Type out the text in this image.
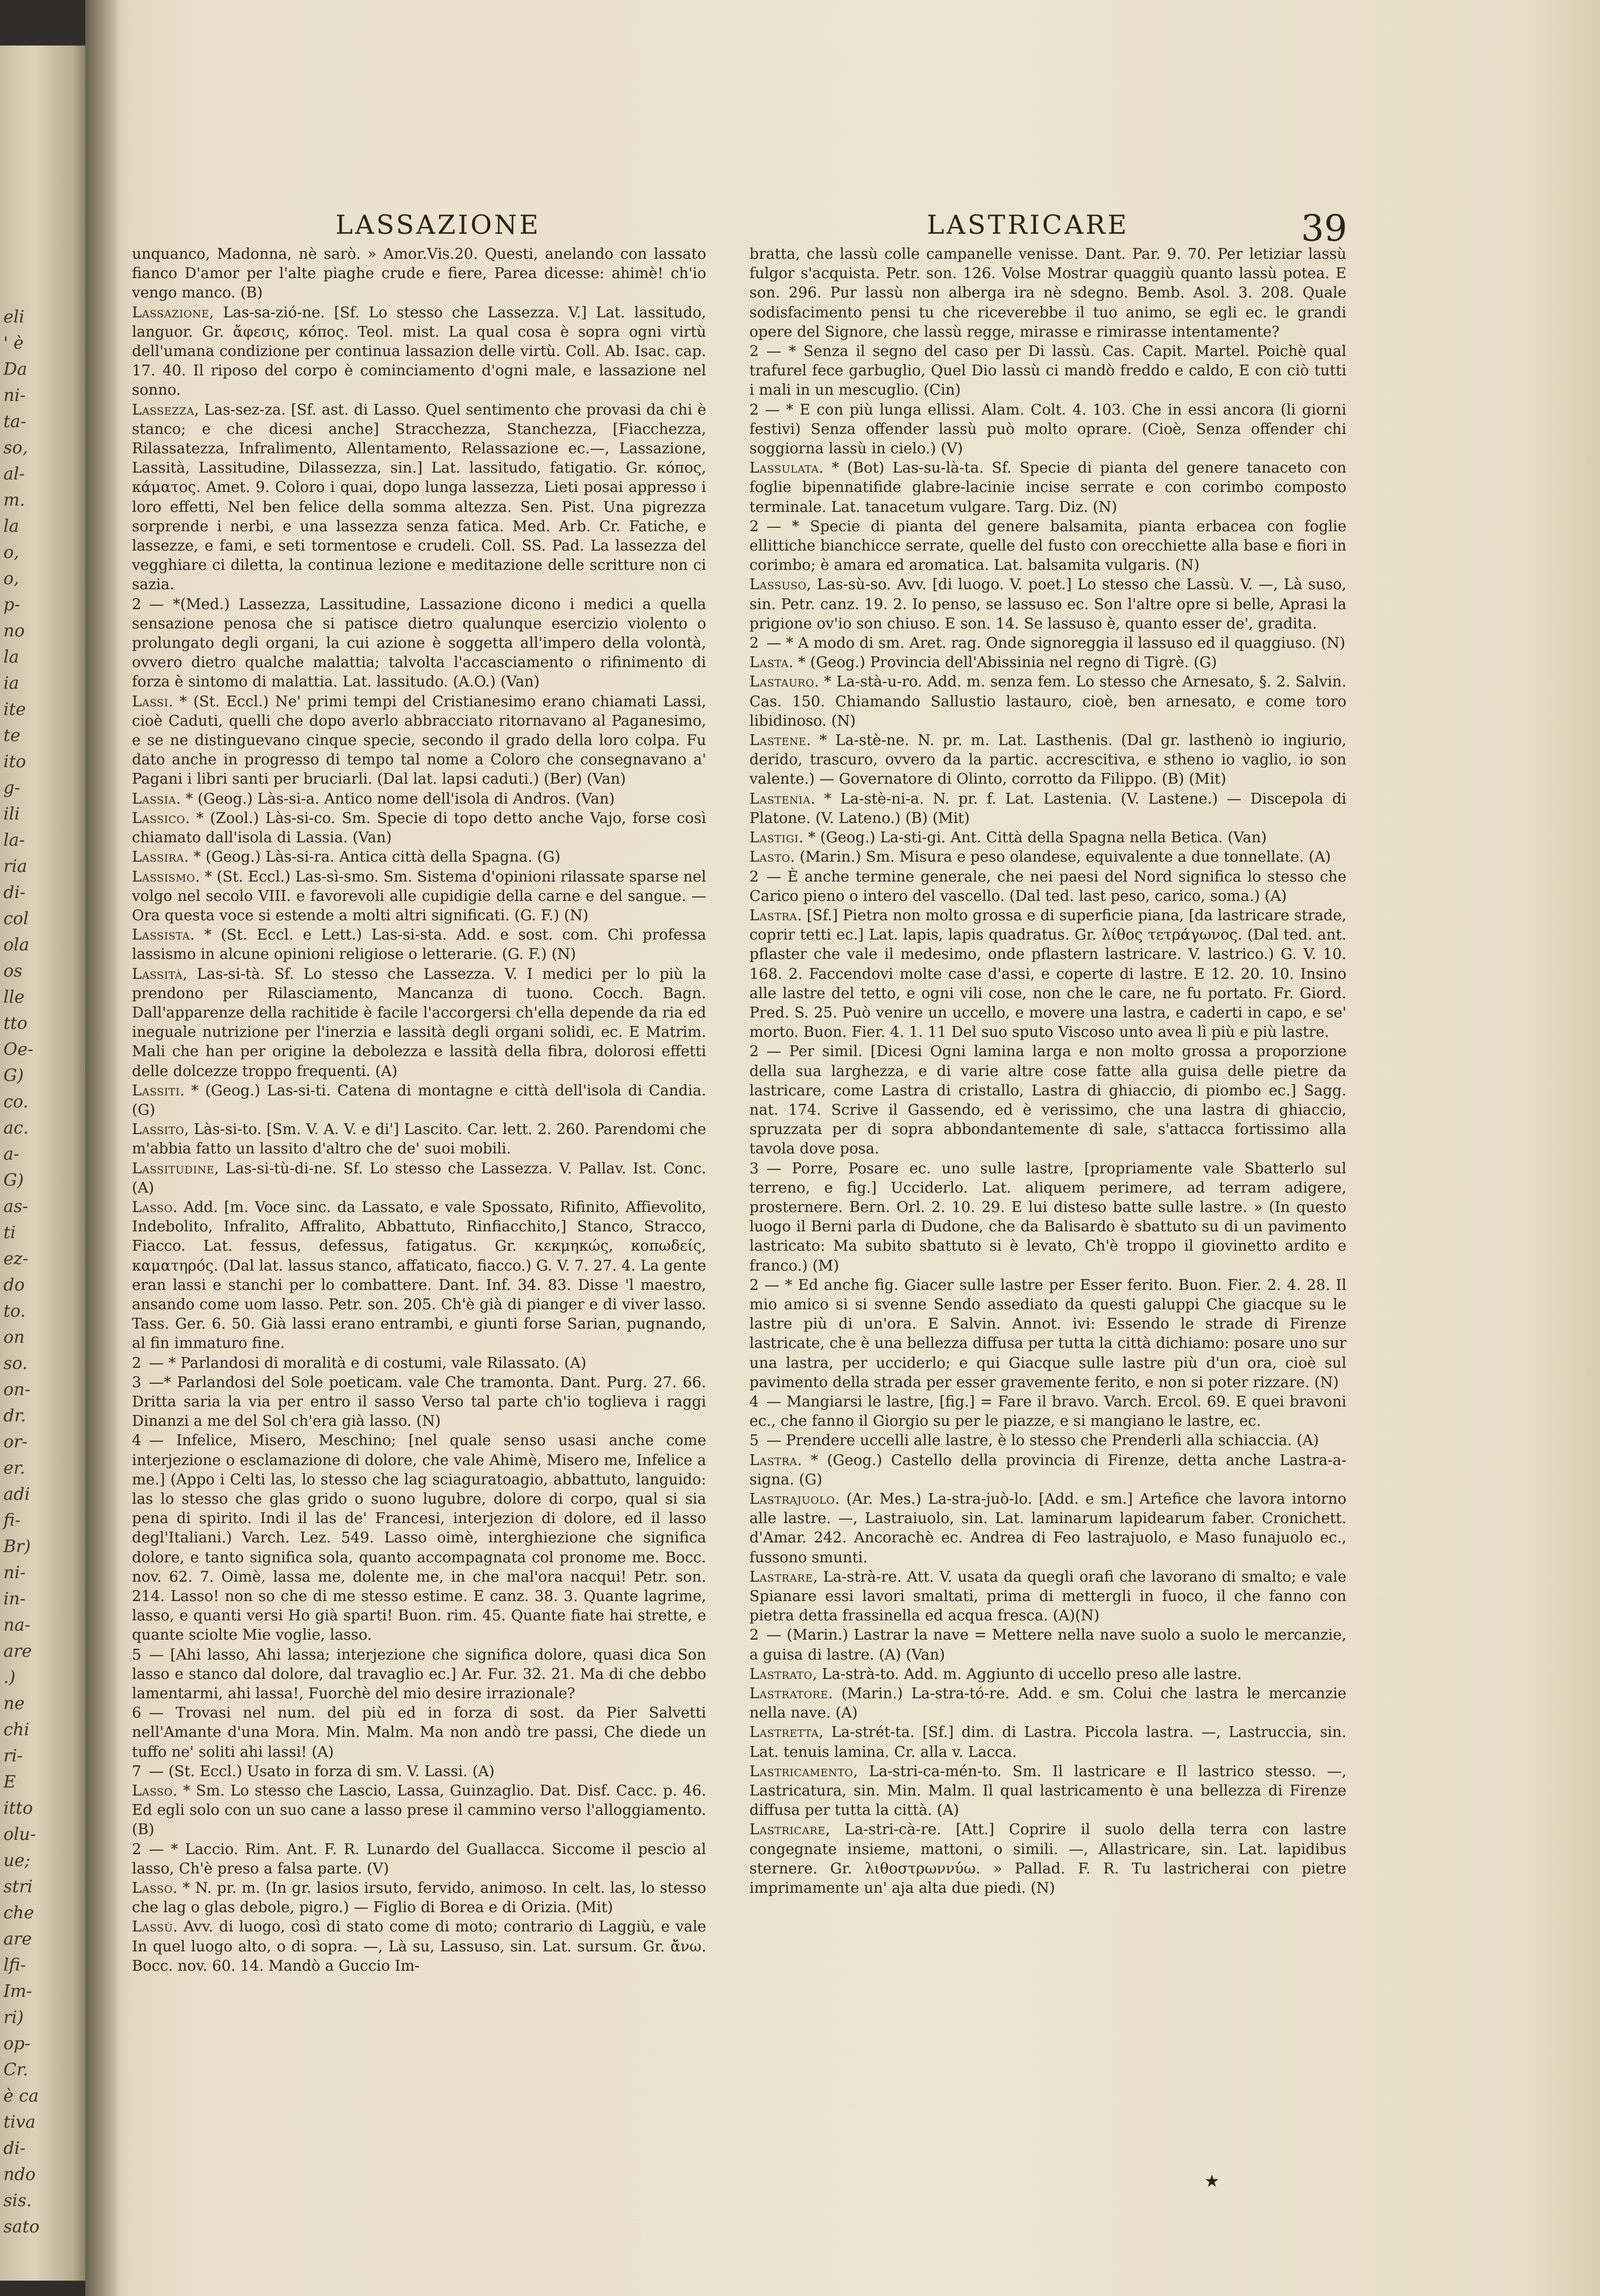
eli
' è
Da
ni-
ta-
so,
al-
m.
la
o,
o,
p-
no
la
ia
ite
te
ito
g-
ili
la-
ria
di-
col
ola
os
lle
tto
Oe-
G)
co.
ac.
a-
G)
as-
ti
ez-
do
to.
on
so.
on-
dr.
or-
er.
adi
fi-
Br)
ni-
in-
na-
are
.)
ne
chi
ri-
E
itto
olu-
ue;
stri
che
are
lfi-
Im-
ri)
op-
Cr.
è ca
tiva
di-
ndo
sis.
sato
LASSAZIONE	LASTRICARE	39

unquanco, Madonna, nè sarò. » Amor.Vis.20. Questi, anelando con lassato fianco D'amor per l'alte piaghe crude e fiere, Parea dicesse: ahimè! ch'io vengo manco. (B)

Lassazione, Las-sa-zió-ne. [Sf. Lo stesso che Lassezza. V.] Lat. lassitudo, languor. Gr. ἄφεσις, κόπος. Teol. mist. La qual cosa è sopra ogni virtù dell'umana condizione per continua lassazion delle virtù. Coll. Ab. Isac. cap. 17. 40. Il riposo del corpo è cominciamento d'ogni male, e lassazione nel sonno.

Lassezza, Las-sez-za. [Sf. ast. di Lasso. Quel sentimento che provasi da chi è stanco; e che dicesi anche] Stracchezza, Stanchezza, [Fiacchezza, Rilassatezza, Infralimento, Allentamento, Relassazione ec.—, Lassazione, Lassità, Lassitudine, Dilassezza, sin.] Lat. lassitudo, fatigatio. Gr. κόπος, κάματος. Amet. 9. Coloro i quai, dopo lunga lassezza, Lieti posai appresso i loro effetti, Nel ben felice della somma altezza. Sen. Pist. Una pigrezza sorprende i nerbi, e una lassezza senza fatica. Med. Arb. Cr. Fatiche, e lassezze, e fami, e seti tormentose e crudeli. Coll. SS. Pad. La lassezza del vegghiare ci diletta, la continua lezione e meditazione delle scritture non ci sazia.

2 — *(Med.) Lassezza, Lassitudine, Lassazione dicono i medici a quella sensazione penosa che si patisce dietro qualunque esercizio violento o prolungato degli organi, la cui azione è soggetta all'impero della volontà, ovvero dietro qualche malattia; talvolta l'accasciamento o rifinimento di forza è sintomo di malattia. Lat. lassitudo. (A.O.) (Van)

Lassi. * (St. Eccl.) Ne' primi tempi del Cristianesimo erano chiamati Lassi, cioè Caduti, quelli che dopo averlo abbracciato ritornavano al Paganesimo, e se ne distinguevano cinque specie, secondo il grado della loro colpa. Fu dato anche in progresso di tempo tal nome a Coloro che consegnavano a' Pagani i libri santi per bruciarli. (Dal lat. lapsi caduti.) (Ber) (Van)

Lassia. * (Geog.) Làs-si-a. Antico nome dell'isola di Andros. (Van)

Lassico. * (Zool.) Làs-si-co. Sm. Specie di topo detto anche Vajo, forse così chiamato dall'isola di Lassia. (Van)

Lassira. * (Geog.) Làs-si-ra. Antica città della Spagna. (G)

Lassismo. * (St. Eccl.) Las-sì-smo. Sm. Sistema d'opinioni rilassate sparse nel volgo nel secolo VIII. e favorevoli alle cupidigie della carne e del sangue. — Ora questa voce si estende a molti altri significati. (G. F.) (N)

Lassista. * (St. Eccl. e Lett.) Las-si-sta. Add. e sost. com. Chi professa lassismo in alcune opinioni religiose o letterarie. (G. F.) (N)

Lassità, Las-si-tà. Sf. Lo stesso che Lassezza. V. I medici per lo più la prendono per Rilasciamento, Mancanza di tuono. Cocch. Bagn. Dall'apparenze della rachitide è facile l'accorgersi ch'ella depende da ria ed ineguale nutrizione per l'inerzia e lassità degli organi solidi, ec. E Matrim. Mali che han per origine la debolezza e lassità della fibra, dolorosi effetti delle dolcezze troppo frequenti. (A)

Lassiti. * (Geog.) Las-si-ti. Catena di montagne e città dell'isola di Candia. (G)

Lassito, Làs-si-to. [Sm. V. A. V. e di'] Lascito. Car. lett. 2. 260. Parendomi che m'abbia fatto un lassito d'altro che de' suoi mobili.

Lassitudine, Las-si-tù-di-ne. Sf. Lo stesso che Lassezza. V. Pallav. Ist. Conc. (A)

Lasso. Add. [m. Voce sinc. da Lassato, e vale Spossato, Rifinito, Affievolito, Indebolito, Infralito, Affralito, Abbattuto, Rinfiacchito,] Stanco, Stracco, Fiacco. Lat. fessus, defessus, fatigatus. Gr. κεκμηκώς, κοπωδείς, καματηρός. (Dal lat. lassus stanco, affaticato, fiacco.) G. V. 7. 27. 4. La gente eran lassi e stanchi per lo combattere. Dant. Inf. 34. 83. Disse 'l maestro, ansando come uom lasso. Petr. son. 205. Ch'è già di pianger e di viver lasso. Tass. Ger. 6. 50. Già lassi erano entrambi, e giunti forse Sarian, pugnando, al fin immaturo fine.

2 — * Parlandosi di moralità e di costumi, vale Rilassato. (A)

3 —* Parlandosi del Sole poeticam. vale Che tramonta. Dant. Purg. 27. 66. Dritta saria la via per entro il sasso Verso tal parte ch'io toglieva i raggi Dinanzi a me del Sol ch'era già lasso. (N)

4 — Infelice, Misero, Meschino; [nel quale senso usasi anche come interjezione o esclamazione di dolore, che vale Ahimè, Misero me, Infelice a me.] (Appo i Celti las, lo stesso che lag sciaguratoagio, abbattuto, languido: las lo stesso che glas grido o suono lugubre, dolore di corpo, qual si sia pena di spirito. Indi il las de' Francesi, interjezion di dolore, ed il lasso degl'Italiani.) Varch. Lez. 549. Lasso oimè, interghiezione che significa dolore, e tanto significa sola, quanto accompagnata col pronome me. Bocc. nov. 62. 7. Oimè, lassa me, dolente me, in che mal'ora nacqui! Petr. son. 214. Lasso! non so che di me stesso estime. E canz. 38. 3. Quante lagrime, lasso, e quanti versi Ho già sparti! Buon. rim. 45. Quante fiate hai strette, e quante sciolte Mie voglie, lasso.

5 — [Ahi lasso, Ahi lassa; interjezione che significa dolore, quasi dica Son lasso e stanco dal dolore, dal travaglio ec.] Ar. Fur. 32. 21. Ma di che debbo lamentarmi, ahi lassa!, Fuorchè del mio desire irrazionale?

6 — Trovasi nel num. del più ed in forza di sost. da Pier Salvetti nell'Amante d'una Mora. Min. Malm. Ma non andò tre passi, Che diede un tuffo ne' soliti ahi lassi! (A)

7 — (St. Eccl.) Usato in forza di sm. V. Lassi. (A)

Lasso. * Sm. Lo stesso che Lascio, Lassa, Guinzaglio. Dat. Disf. Cacc. p. 46. Ed egli solo con un suo cane a lasso prese il cammino verso l'alloggiamento. (B)

2 — * Laccio. Rim. Ant. F. R. Lunardo del Guallacca. Siccome il pescio al lasso, Ch'è preso a falsa parte. (V)

Lasso. * N. pr. m. (In gr. lasios irsuto, fervido, animoso. In celt. las, lo stesso che lag o glas debole, pigro.) — Figlio di Borea e di Orizia. (Mit)

Lassù. Avv. di luogo, così di stato come di moto; contrario di Laggiù, e vale In quel luogo alto, o di sopra. —, Là su, Lassuso, sin. Lat. sursum. Gr. ἄνω. Bocc. nov. 60. 14. Mandò a Guccio Im-

bratta, che lassù colle campanelle venisse. Dant. Par. 9. 70. Per letiziar lassù fulgor s'acquista. Petr. son. 126. Volse Mostrar quaggiù quanto lassù potea. E son. 296. Pur lassù non alberga ira nè sdegno. Bemb. Asol. 3. 208. Quale sodisfacimento pensi tu che riceverebbe il tuo animo, se egli ec. le grandi opere del Signore, che lassù regge, mirasse e rimirasse intentamente?

2 — * Senza il segno del caso per Di lassù. Cas. Capit. Martel. Poichè qual trafurel fece garbuglio, Quel Dio lassù ci mandò freddo e caldo, E con ciò tutti i mali in un mescuglio. (Cin)

2 — * E con più lunga ellissi. Alam. Colt. 4. 103. Che in essi ancora (li giorni festivi) Senza offender lassù può molto oprare. (Cioè, Senza offender chi soggiorna lassù in cielo.) (V)

Lassulata. * (Bot) Las-su-là-ta. Sf. Specie di pianta del genere tanaceto con foglie bipennatifide glabre-lacinie incise serrate e con corimbo composto terminale. Lat. tanacetum vulgare. Targ. Diz. (N)

2 — * Specie di pianta del genere balsamita, pianta erbacea con foglie ellittiche bianchicce serrate, quelle del fusto con orecchiette alla base e fiori in corimbo; è amara ed aromatica. Lat. balsamita vulgaris. (N)

Lassuso, Las-sù-so. Avv. [di luogo. V. poet.] Lo stesso che Lassù. V. —, Là suso, sin. Petr. canz. 19. 2. Io penso, se lassuso ec. Son l'altre opre si belle, Aprasi la prigione ov'io son chiuso. E son. 14. Se lassuso è, quanto esser de', gradita.

2 — * A modo di sm. Aret. rag. Onde signoreggia il lassuso ed il quaggiuso. (N)

Lasta. * (Geog.) Provincia dell'Abissinia nel regno di Tigrè. (G)

Lastauro. * La-stà-u-ro. Add. m. senza fem. Lo stesso che Arnesato, §. 2. Salvin. Cas. 150. Chiamando Sallustio lastauro, cioè, ben arnesato, e come toro libidinoso. (N)

Lastene. * La-stè-ne. N. pr. m. Lat. Lasthenis. (Dal gr. lasthenò io ingiurio, derido, trascuro, ovvero da la partic. accrescitiva, e stheno io vaglio, io son valente.) — Governatore di Olinto, corrotto da Filippo. (B) (Mit)

Lastenia. * La-stè-ni-a. N. pr. f. Lat. Lastenia. (V. Lastene.) — Discepola di Platone. (V. Lateno.) (B) (Mit)

Lastigi. * (Geog.) La-sti-gi. Ant. Città della Spagna nella Betica. (Van)

Lasto. (Marin.) Sm. Misura e peso olandese, equivalente a due tonnellate. (A)

2 — È anche termine generale, che nei paesi del Nord significa lo stesso che Carico pieno o intero del vascello. (Dal ted. last peso, carico, soma.) (A)

Lastra. [Sf.] Pietra non molto grossa e di superficie piana, [da lastricare strade, coprir tetti ec.] Lat. lapis, lapis quadratus. Gr. λίθος τετράγωνος. (Dal ted. ant. pflaster che vale il medesimo, onde pflastern lastricare. V. lastrico.) G. V. 10. 168. 2. Faccendovi molte case d'assi, e coperte di lastre. E 12. 20. 10. Insino alle lastre del tetto, e ogni vili cose, non che le care, ne fu portato. Fr. Giord. Pred. S. 25. Può venire un uccello, e movere una lastra, e caderti in capo, e se' morto. Buon. Fier. 4. 1. 11 Del suo sputo Viscoso unto avea lì più e più lastre.

2 — Per simil. [Dicesi Ogni lamina larga e non molto grossa a proporzione della sua larghezza, e di varie altre cose fatte alla guisa delle pietre da lastricare, come Lastra di cristallo, Lastra di ghiaccio, di piombo ec.] Sagg. nat. 174. Scrive il Gassendo, ed è verissimo, che una lastra di ghiaccio, spruzzata per di sopra abbondantemente di sale, s'attacca fortissimo alla tavola dove posa.

3 — Porre, Posare ec. uno sulle lastre, [propriamente vale Sbatterlo sul terreno, e fig.] Ucciderlo. Lat. aliquem perimere, ad terram adigere, prosternere. Bern. Orl. 2. 10. 29. E lui disteso batte sulle lastre. » (In questo luogo il Berni parla di Dudone, che da Balisardo è sbattuto su di un pavimento lastricato: Ma subito sbattuto si è levato, Ch'è troppo il giovinetto ardito e franco.) (M)

2 — * Ed anche fig. Giacer sulle lastre per Esser ferito. Buon. Fier. 2. 4. 28. Il mio amico si si svenne Sendo assediato da questi galuppi Che giacque su le lastre più di un'ora. E Salvin. Annot. ivi: Essendo le strade di Firenze lastricate, che è una bellezza diffusa per tutta la città dichiamo: posare uno sur una lastra, per ucciderlo; e qui Giacque sulle lastre più d'un ora, cioè sul pavimento della strada per esser gravemente ferito, e non si poter rizzare. (N)

4 — Mangiarsi le lastre, [fig.] = Fare il bravo. Varch. Ercol. 69. E quei bravoni ec., che fanno il Giorgio su per le piazze, e si mangiano le lastre, ec.

5 — Prendere uccelli alle lastre, è lo stesso che Prenderli alla schiaccia. (A)

Lastra. * (Geog.) Castello della provincia di Firenze, detta anche Lastra-a-signa. (G)

Lastrajuolo. (Ar. Mes.) La-stra-juò-lo. [Add. e sm.] Artefice che lavora intorno alle lastre. —, Lastraiuolo, sin. Lat. laminarum lapidearum faber. Cronichett. d'Amar. 242. Ancorachè ec. Andrea di Feo lastrajuolo, e Maso funajuolo ec., fussono smunti.

Lastrare, La-strà-re. Att. V. usata da quegli orafi che lavorano di smalto; e vale Spianare essi lavori smaltati, prima di mettergli in fuoco, il che fanno con pietra detta frassinella ed acqua fresca. (A)(N)

2 — (Marin.) Lastrar la nave = Mettere nella nave suolo a suolo le mercanzie, a guisa di lastre. (A) (Van)

Lastrato, La-strà-to. Add. m. Aggiunto di uccello preso alle lastre.

Lastratore. (Marin.) La-stra-tó-re. Add. e sm. Colui che lastra le mercanzie nella nave. (A)

Lastretta, La-strét-ta. [Sf.] dim. di Lastra. Piccola lastra. —, Lastruccia, sin. Lat. tenuis lamina. Cr. alla v. Lacca.

Lastricamento, La-stri-ca-mén-to. Sm. Il lastricare e Il lastrico stesso. —, Lastricatura, sin. Min. Malm. Il qual lastricamento è una bellezza di Firenze diffusa per tutta la città. (A)

Lastricare, La-stri-cà-re. [Att.] Coprire il suolo della terra con lastre congegnate insieme, mattoni, o simili. —, Allastricare, sin. Lat. lapidibus sternere. Gr. λιθοστρωννύω. » Pallad. F. R. Tu lastricherai con pietre imprimamente un' aja alta due piedi. (N)

★
